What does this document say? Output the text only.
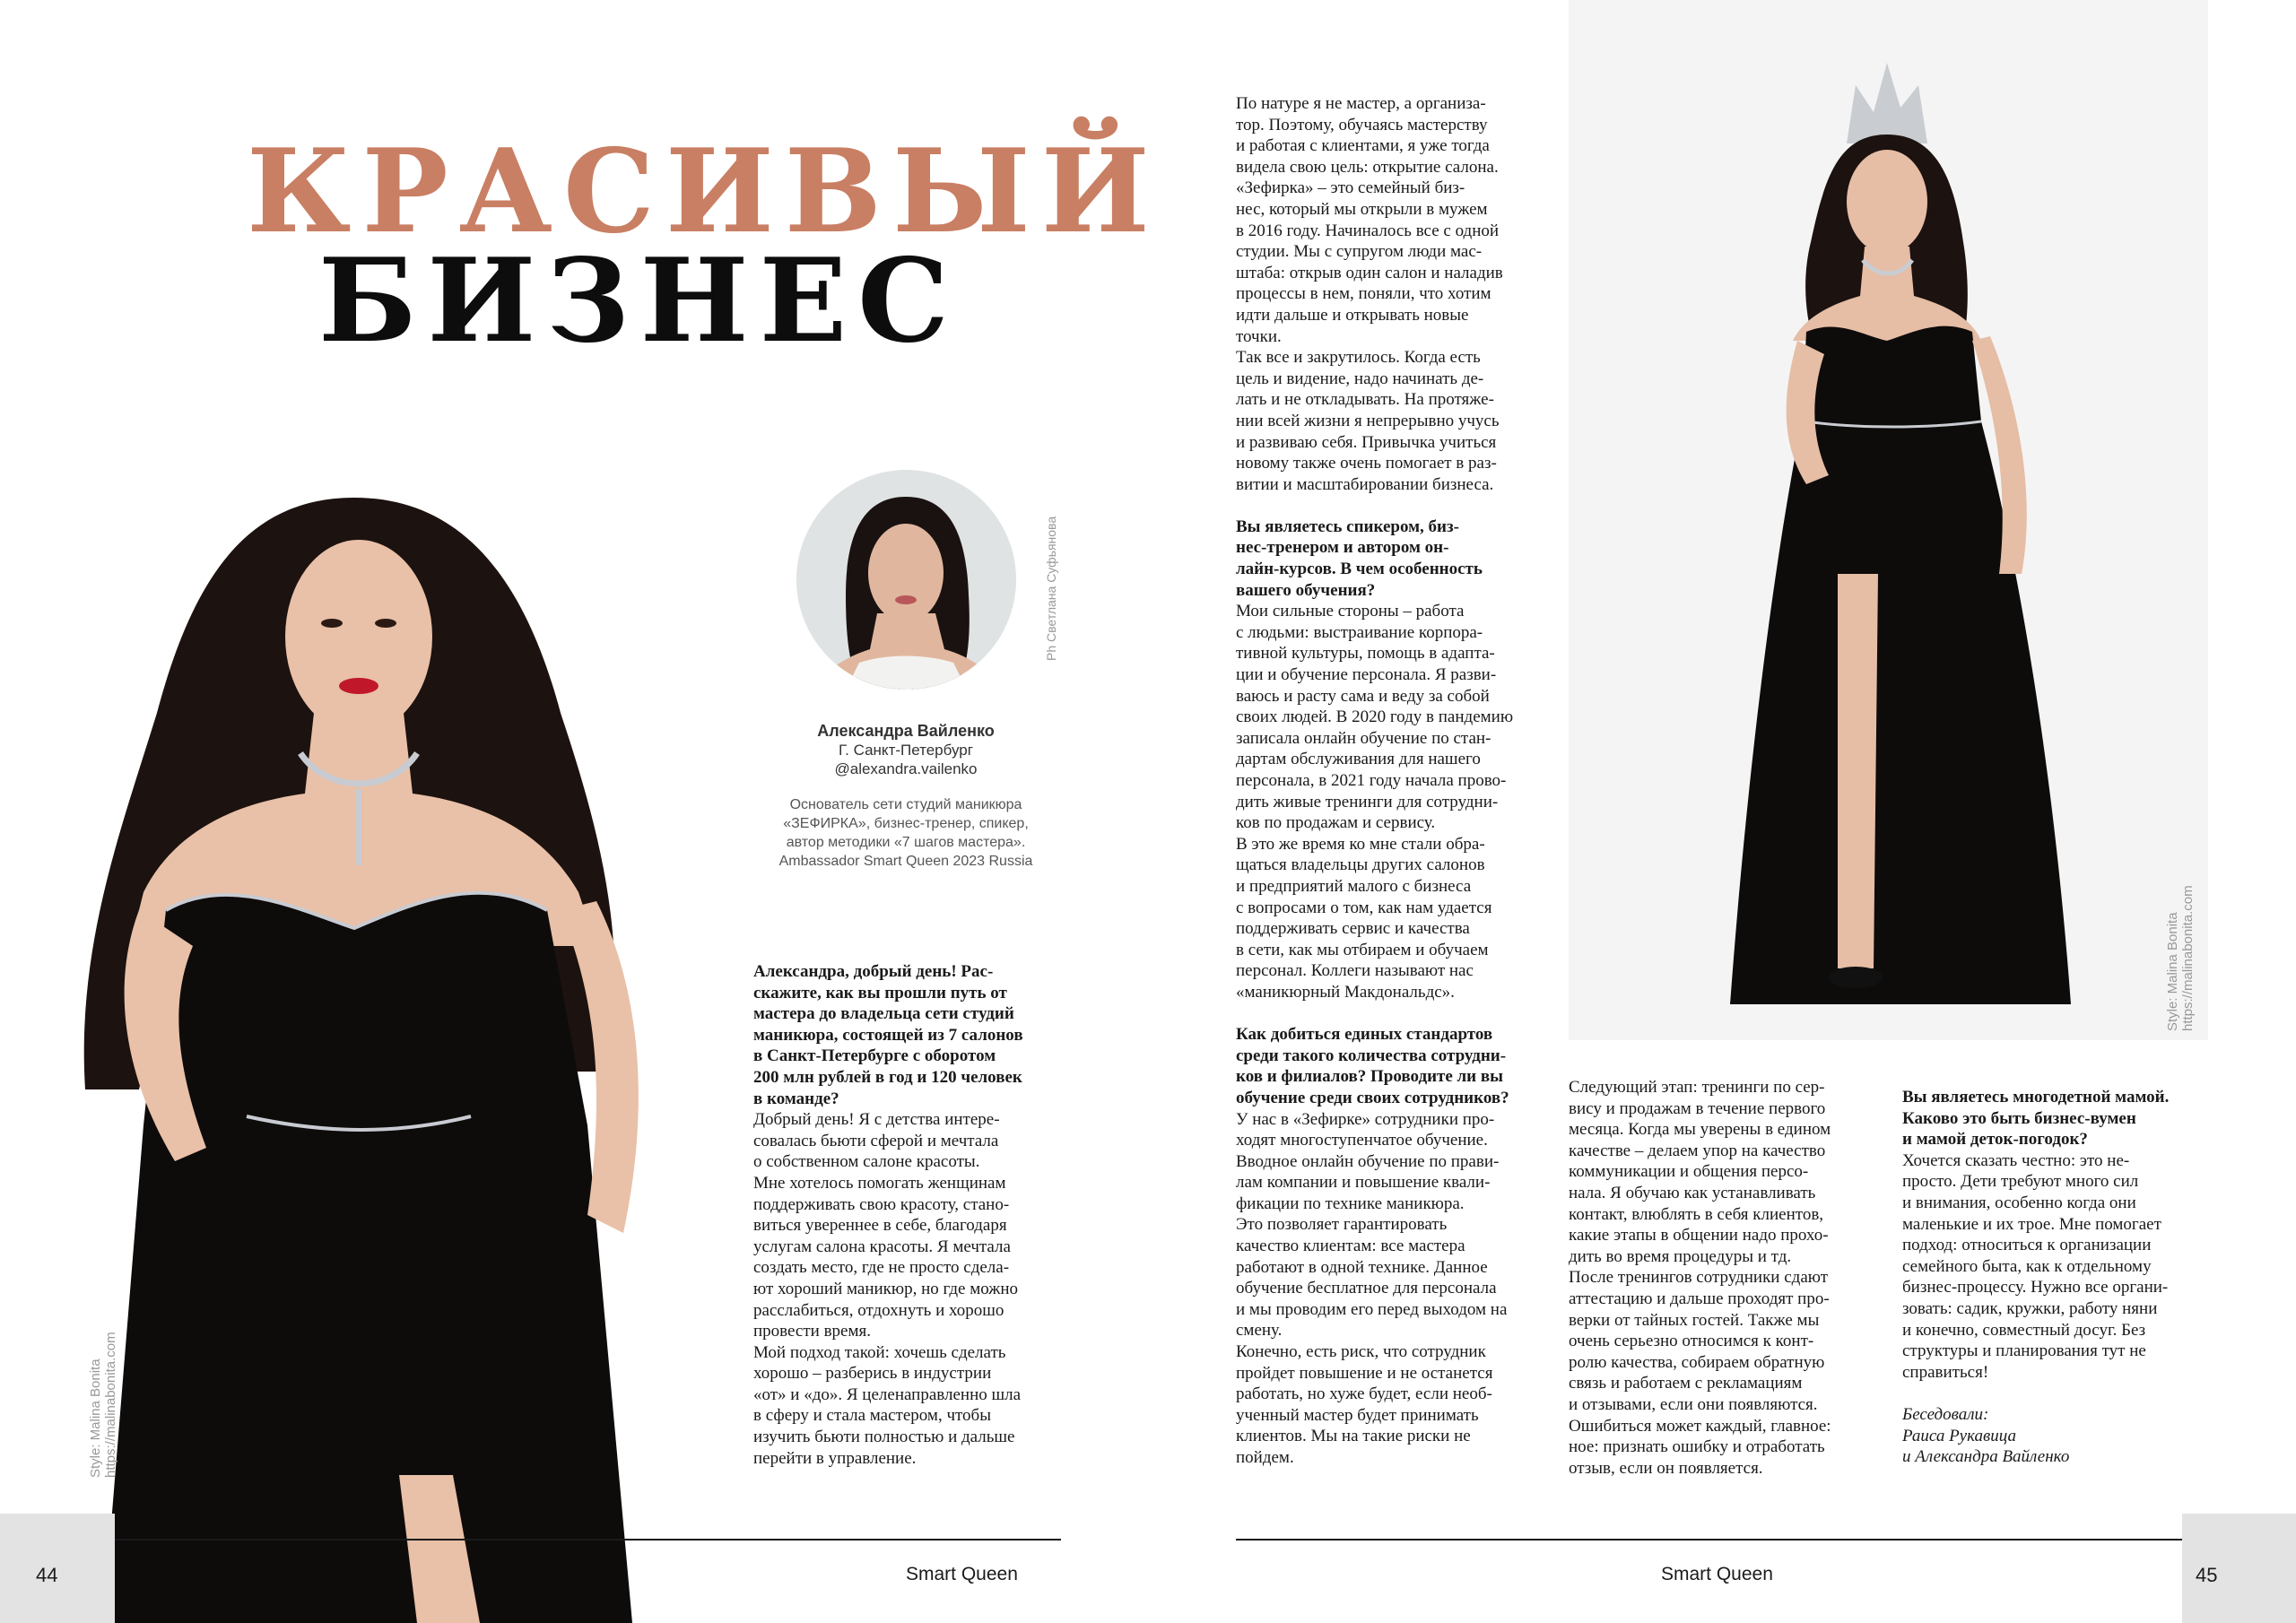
КРАСИВЫЙ
БИЗНЕС
Style: Malina Bonita https://malinabonita.com
Ph Светлана Суфьянова
Александра Вайленко
Г. Санкт-Петербург
@alexandra.vailenko
Основатель сети студий маникюра
«ЗЕФИРКА», бизнес-тренер, спикер,
автор методики «7 шагов мастера».
Ambassador Smart Queen 2023 Russia

Александра, добрый день! Рас-

скажите, как вы прошли путь от

мастера до владельца сети студий

маникюра, состоящей из 7 салонов

в Санкт-Петербурге с оборотом

200 млн рублей в год и 120 человек

в команде?

Добрый день! Я с детства интере-

совалась бьюти сферой и мечтала

о собственном салоне красоты.

Мне хотелось помогать женщинам

поддерживать свою красоту, стано-

виться увереннее в себе, благодаря

услугам салона красоты. Я мечтала

создать место, где не просто сделa-

ют хороший маникюр, но где можно

расслабиться, отдохнуть и хорошо

провести время.

Мой подход такой: хочешь сделать

хорошо – разберись в индустрии

«от» и «до». Я целенаправленно шла

в сферу и стала мастером, чтобы

изучить бьюти полностью и дальше

перейти в управление.

По натуре я не мастер, а организа-

тор. Поэтому, обучаясь мастерству

и работая с клиентами, я уже тогда

видела свою цель: открытие салона.

«Зефирка» – это семейный биз-

нес, который мы открыли в мужем

в 2016 году. Начиналось все с одной

студии. Мы с супругом люди мас-

штаба: открыв один салон и наладив

процессы в нем, поняли, что хотим

идти дальше и открывать новые

точки.

Так все и закрутилось. Когда есть

цель и видение, надо начинать де-

лать и не откладывать. На протяже-

нии всей жизни я непрерывно учусь

и развиваю себя. Привычка учиться

новому также очень помогает в раз-

витии и масштабировании бизнеса.

Вы являетесь спикером, биз-

нес-тренером и автором он-

лайн-курсов. В чем особенность

вашего обучения?

Мои сильные стороны – работа

с людьми: выстраивание корпора-

тивной культуры, помощь в адапта-

ции и обучение персонала. Я разви-

ваюсь и расту сама и веду за собой

своих людей. В 2020 году в пандемию

записала онлайн обучение по стан-

дартам обслуживания для нашего

персонала, в 2021 году начала прово-

дить живые тренинги для сотрудни-

ков по продажам и сервису.

В это же время ко мне стали обра-

щаться владельцы других салонов

и предприятий малого с бизнеса

с вопросами о том, как нам удается

поддерживать сервис и качества

в сети, как мы отбираем и обучаем

персонал. Коллеги называют нас

«маникюрный Макдональдс».

Как добиться единых стандартов

среди такого количества сотрудни-

ков и филиалов? Проводите ли вы

обучение среди своих сотрудников?

У нас в «Зефирке» сотрудники про-

ходят многоступенчатое обучение.

Вводное онлайн обучение по прави-

лам компании и повышение квали-

фикации по технике маникюра.

Это позволяет гарантировать

качество клиентам: все мастера

работают в одной технике. Данное

обучение бесплатное для персонала

и мы проводим его перед выходом на

смену.

Конечно, есть риск, что сотрудник

пройдет повышение и не останется

работать, но хуже будет, если необ-

ученный мастер будет принимать

клиентов. Мы на такие риски не

пойдем.

Следующий этап: тренинги по сер-

вису и продажам в течение первого

месяца. Когда мы уверены в едином

качестве – делаем упор на качество

коммуникации и общения персо-

нала. Я обучаю как устанавливать

контакт, влюблять в себя клиентов,

какие этапы в общении надо прохо-

дить во время процедуры и тд.

После тренингов сотрудники сдают

аттестацию и дальше проходят про-

верки от тайных гостей. Также мы

очень серьезно относимся к конт-

ролю качества, собираем обратную

связь и работаем с рекламациям

и отзывами, если они появляются.

Ошибиться может каждый, главное:

ное: признать ошибку и отработать

отзыв, если он появляется.

Вы являетесь многодетной мамой.

Каково это быть бизнес-вумен

и мамой деток-погодок?

Хочется сказать честно: это не-

просто. Дети требуют много сил

и внимания, особенно когда они

маленькие и их трое. Мне помогает

подход: относиться к организации

семейного быта, как к отдельному

бизнес-процессу. Нужно все органи-

зовать: садик, кружки, работу няни

и конечно, совместный досуг. Без

структуры и планирования тут не

справиться!

Беседовали:

Раиса Рукавица

и Александра Вайленко

Style: Malina Bonita https://malinabonita.com
44	Smart Queen	Smart Queen	45
